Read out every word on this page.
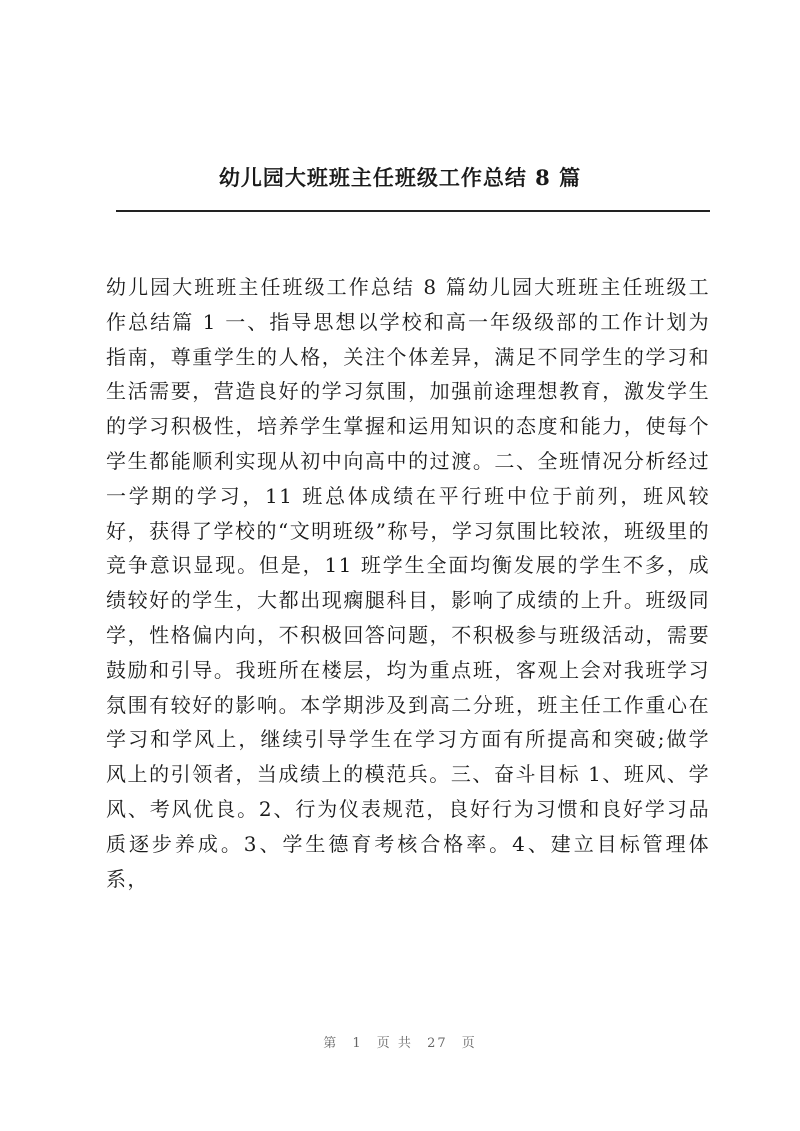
幼儿园大班班主任班级工作总结 8 篇

幼儿园大班班主任班级工作总结 8 篇幼儿园大班班主任班级工作总结篇 1 一、指导思想以学校和高一年级级部的工作计划为指南，尊重学生的人格，关注个体差异，满足不同学生的学习和生活需要，营造良好的学习氛围，加强前途理想教育，激发学生的学习积极性，培养学生掌握和运用知识的态度和能力，使每个学生都能顺利实现从初中向高中的过渡。二、全班情况分析经过一学期的学习，11 班总体成绩在平行班中位于前列，班风较好，获得了学校的“文明班级”称号，学习氛围比较浓，班级里的竞争意识显现。但是，11 班学生全面均衡发展的学生不多，成绩较好的学生，大都出现瘸腿科目，影响了成绩的上升。班级同学，性格偏内向，不积极回答问题，不积极参与班级活动，需要鼓励和引导。我班所在楼层，均为重点班，客观上会对我班学习氛围有较好的影响。本学期涉及到高二分班，班主任工作重心在学习和学风上，继续引导学生在学习方面有所提高和突破;做学风上的引领者，当成绩上的模范兵。三、奋斗目标 1、班风、学风、考风优良。2、行为仪表规范，良好行为习惯和良好学习品质逐步养成。3、学生德育考核合格率。4、建立目标管理体系，

第 1 页 共 27 页
